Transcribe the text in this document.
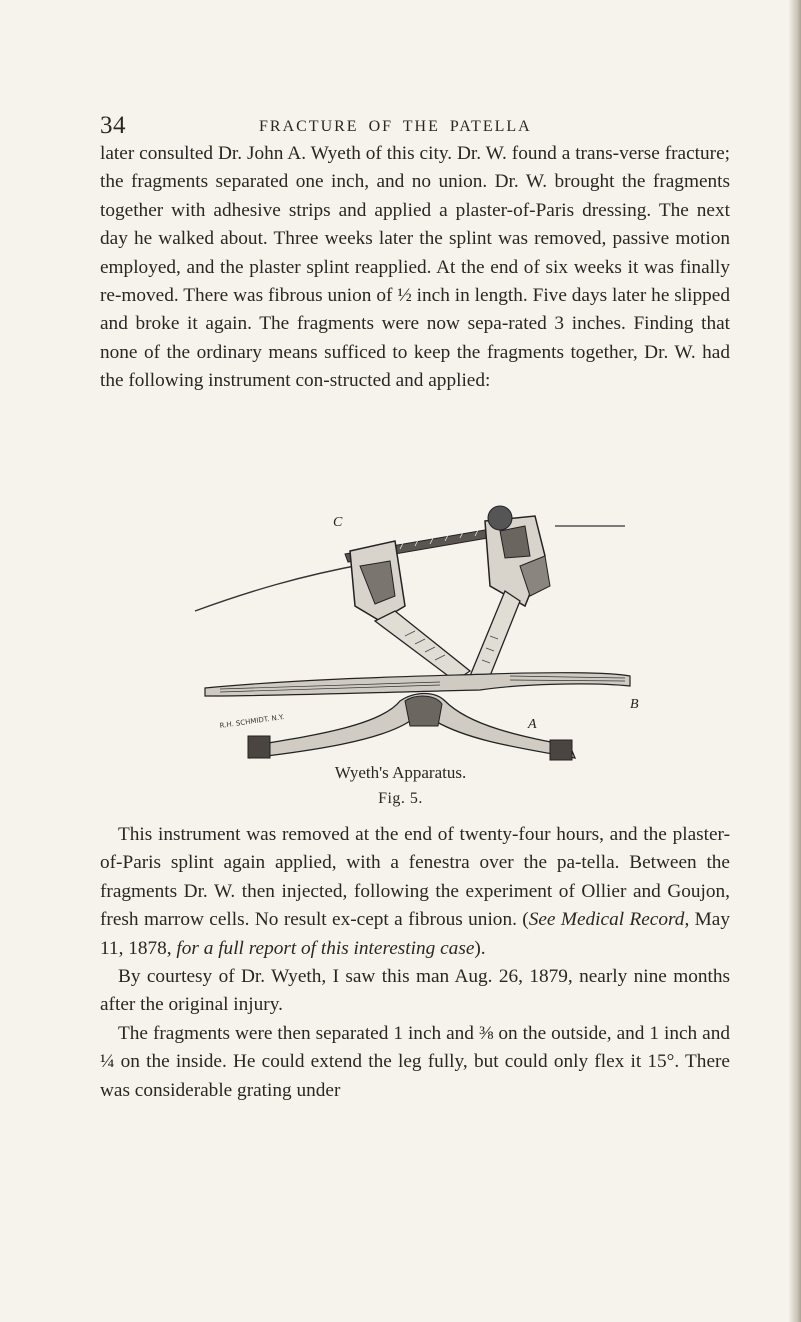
34	FRACTURE OF THE PATELLA
later consulted Dr. John A. Wyeth of this city. Dr. W. found a trans-verse fracture; the fragments separated one inch, and no union. Dr. W. brought the fragments together with adhesive strips and applied a plaster-of-Paris dressing. The next day he walked about. Three weeks later the splint was removed, passive motion employed, and the plaster splint reapplied. At the end of six weeks it was finally re-moved. There was fibrous union of ½ inch in length. Five days later he slipped and broke it again. The fragments were now sepa-rated 3 inches. Finding that none of the ordinary means sufficed to keep the fragments together, Dr. W. had the following instrument con-structed and applied:
C
A
B
R.H. SCHMIDT. N.Y.
Wyeth's Apparatus.
Fig. 5.

This instrument was removed at the end of twenty-four hours, and the plaster-of-Paris splint again applied, with a fenestra over the pa-tella. Between the fragments Dr. W. then injected, following the experiment of Ollier and Goujon, fresh marrow cells. No result ex-cept a fibrous union. (See Medical Record, May 11, 1878, for a full report of this interesting case).

By courtesy of Dr. Wyeth, I saw this man Aug. 26, 1879, nearly nine months after the original injury.

The fragments were then separated 1 inch and ⅜ on the outside, and 1 inch and ¼ on the inside. He could extend the leg fully, but could only flex it 15°. There was considerable grating under
